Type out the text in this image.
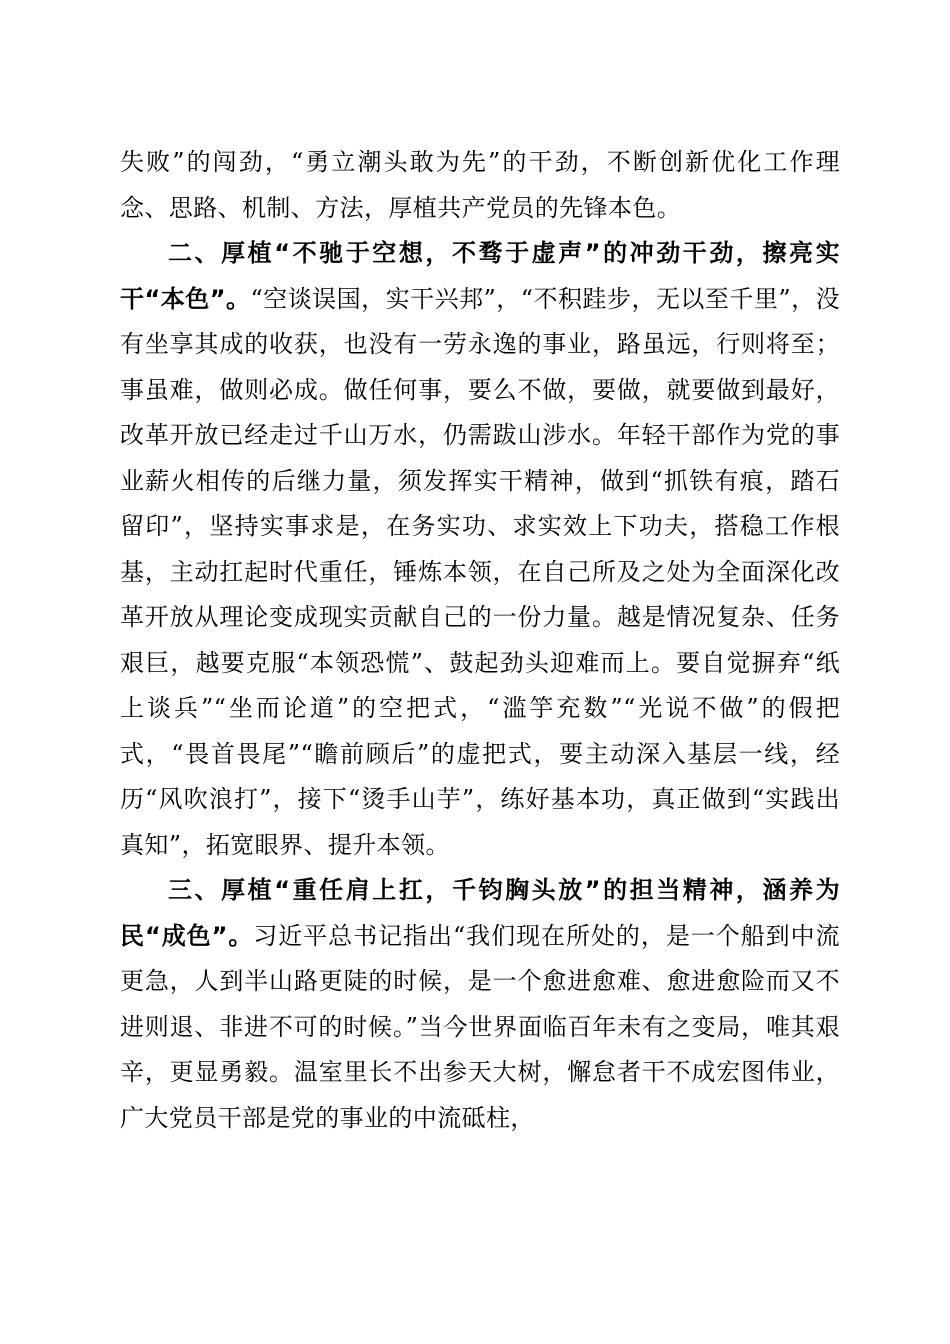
失败”的闯劲，“勇立潮头敢为先”的干劲，不断创新优化工作理念、思路、机制、方法，厚植共产党员的先锋本色。

二、厚植“不驰于空想，不骛于虚声”的冲劲干劲，擦亮实干“本色”。“空谈误国，实干兴邦”，“不积跬步，无以至千里”，没有坐享其成的收获，也没有一劳永逸的事业，路虽远，行则将至；事虽难，做则必成。做任何事，要么不做，要做，就要做到最好，改革开放已经走过千山万水，仍需跋山涉水。年轻干部作为党的事业薪火相传的后继力量，须发挥实干精神，做到“抓铁有痕，踏石留印”，坚持实事求是，在务实功、求实效上下功夫，搭稳工作根基，主动扛起时代重任，锤炼本领，在自己所及之处为全面深化改革开放从理论变成现实贡献自己的一份力量。越是情况复杂、任务艰巨，越要克服“本领恐慌”、鼓起劲头迎难而上。要自觉摒弃“纸上谈兵”“坐而论道”的空把式，“滥竽充数”“光说不做”的假把式，“畏首畏尾”“瞻前顾后”的虚把式，要主动深入基层一线，经历“风吹浪打”，接下“烫手山芋”，练好基本功，真正做到“实践出真知”，拓宽眼界、提升本领。

三、厚植“重任肩上扛，千钧胸头放”的担当精神，涵养为民“成色”。习近平总书记指出“我们现在所处的，是一个船到中流更急，人到半山路更陡的时候，是一个愈进愈难、愈进愈险而又不进则退、非进不可的时候。”当今世界面临百年未有之变局，唯其艰辛，更显勇毅。温室里长不出参天大树，懈怠者干不成宏图伟业，广大党员干部是党的事业的中流砥柱，
